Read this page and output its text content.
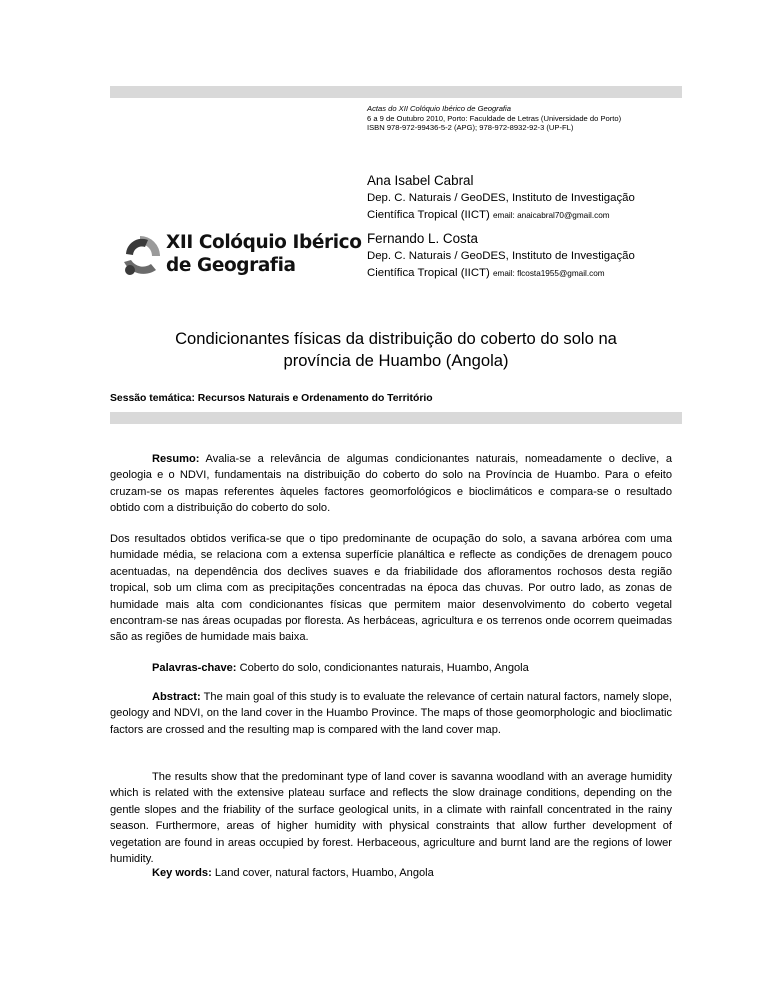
Actas do XII Colóquio Ibérico de Geografia
6 a 9 de Outubro 2010, Porto: Faculdade de Letras (Universidade do Porto)
ISBN 978-972-99436-5-2 (APG); 978-972-8932-92-3 (UP-FL)
Ana Isabel Cabral
Dep. C. Naturais / GeoDES, Instituto de Investigação
Científica Tropical (IICT) email: anaicabral70@gmail.com
XII Colóquio Ibérico
de Geografia
Fernando L. Costa
Dep. C. Naturais / GeoDES, Instituto de Investigação
Científica Tropical (IICT) email: flcosta1955@gmail.com
Condicionantes físicas da distribuição do coberto do solo na
província de Huambo (Angola)
Sessão temática: Recursos Naturais e Ordenamento do Território

Resumo: Avalia-se a relevância de algumas condicionantes naturais, nomeadamente o declive, a geologia e o NDVI, fundamentais na distribuição do coberto do solo na Província de Huambo. Para o efeito cruzam-se os mapas referentes àqueles factores geomorfológicos e bioclimáticos e compara-se o resultado obtido com a distribuição do coberto do solo.

Dos resultados obtidos verifica-se que o tipo predominante de ocupação do solo, a savana arbórea com uma humidade média, se relaciona com a extensa superfície planáltica e reflecte as condições de drenagem pouco acentuadas, na dependência dos declives suaves e da friabilidade dos afloramentos rochosos desta região tropical, sob um clima com as precipitações concentradas na época das chuvas. Por outro lado, as zonas de humidade mais alta com condicionantes físicas que permitem maior desenvolvimento do coberto vegetal encontram-se nas áreas ocupadas por floresta. As herbáceas, agricultura e os terrenos onde ocorrem queimadas são as regiões de humidade mais baixa.

Palavras-chave: Coberto do solo, condicionantes naturais, Huambo, Angola

Abstract: The main goal of this study is to evaluate the relevance of certain natural factors, namely slope, geology and NDVI, on the land cover in the Huambo Province. The maps of those geomorphologic and bioclimatic factors are crossed and the resulting map is compared with the land cover map.

The results show that the predominant type of land cover is savanna woodland with an average humidity which is related with the extensive plateau surface and reflects the slow drainage conditions, depending on the gentle slopes and the friability of the surface geological units, in a climate with rainfall concentrated in the rainy season. Furthermore, areas of higher humidity with physical constraints that allow further development of vegetation are found in areas occupied by forest. Herbaceous, agriculture and burnt land are the regions of lower humidity.

Key words: Land cover, natural factors, Huambo, Angola
